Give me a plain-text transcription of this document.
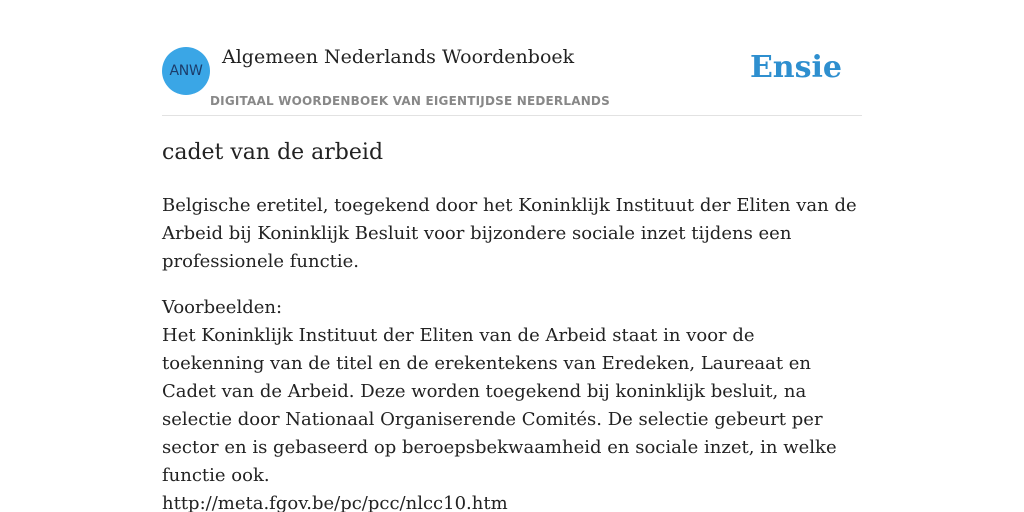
ANW
Algemeen Nederlands Woordenboek
DIGITAAL WOORDENBOEK VAN EIGENTIJDSE NEDERLANDS
Ensie
cadet van de arbeid

Belgische eretitel, toegekend door het Koninklijk Instituut der Eliten van de Arbeid bij Koninklijk Besluit voor bijzondere sociale inzet tijdens een professionele functie.

Voorbeelden:
Het Koninklijk Instituut der Eliten van de Arbeid staat in voor de toekenning van de titel en de erekentekens van Eredeken, Laureaat en Cadet van de Arbeid. Deze worden toegekend bij koninklijk besluit, na selectie door Nationaal Organiserende Comités. De selectie gebeurt per sector en is gebaseerd op beroepsbekwaamheid en sociale inzet, in welke functie ook.
http://meta.fgov.be/pc/pcc/nlcc10.htm
